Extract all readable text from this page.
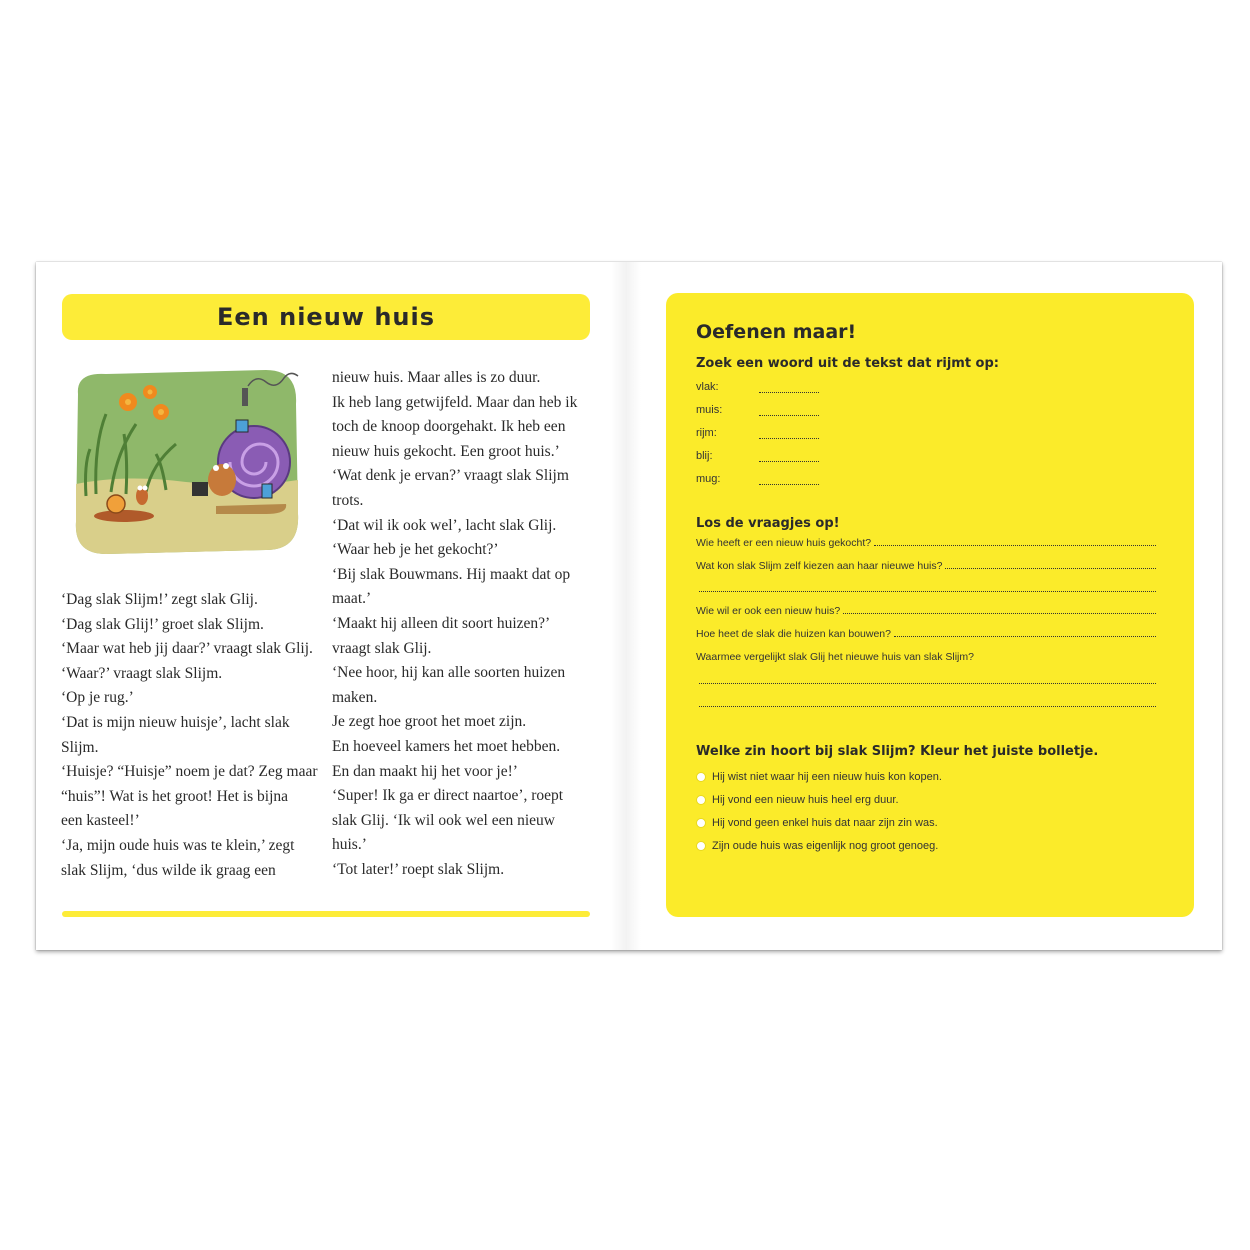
Een nieuw huis

‘Dag slak Slijm!’ zegt slak Glij.

‘Dag slak Glij!’ groet slak Slijm.

‘Maar wat heb jij daar?’ vraagt slak Glij.

‘Waar?’ vraagt slak Slijm.

‘Op je rug.’

‘Dat is mijn nieuw huisje’, lacht slak

Slijm.

‘Huisje? “Huisje” noem je dat? Zeg maar

“huis”! Wat is het groot! Het is bijna

een kasteel!’

‘Ja, mijn oude huis was te klein,’ zegt

slak Slijm, ‘dus wilde ik graag een

nieuw huis. Maar alles is zo duur.

Ik heb lang getwijfeld. Maar dan heb ik

toch de knoop doorgehakt. Ik heb een

nieuw huis gekocht. Een groot huis.’

‘Wat denk je ervan?’ vraagt slak Slijm

trots.

‘Dat wil ik ook wel’, lacht slak Glij.

‘Waar heb je het gekocht?’

‘Bij slak Bouwmans. Hij maakt dat op

maat.’

‘Maakt hij alleen dit soort huizen?’

vraagt slak Glij.

‘Nee hoor, hij kan alle soorten huizen

maken.

Je zegt hoe groot het moet zijn.

En hoeveel kamers het moet hebben.

En dan maakt hij het voor je!’

‘Super! Ik ga er direct naartoe’, roept

slak Glij. ‘Ik wil ook wel een nieuw

huis.’

‘Tot later!’ roept slak Slijm.

Oefenen maar!
Zoek een woord uit de tekst dat rijmt op:
vlak:
muis:
rijm:
blij:
mug:
Los de vraagjes op!
Wie heeft er een nieuw huis gekocht?
Wat kon slak Slijm zelf kiezen aan haar nieuwe huis?
Wie wil er ook een nieuw huis?
Hoe heet de slak die huizen kan bouwen?
Waarmee vergelijkt slak Glij het nieuwe huis van slak Slijm?
Welke zin hoort bij slak Slijm? Kleur het juiste bolletje.
Hij wist niet waar hij een nieuw huis kon kopen.
Hij vond een nieuw huis heel erg duur.
Hij vond geen enkel huis dat naar zijn zin was.
Zijn oude huis was eigenlijk nog groot genoeg.
